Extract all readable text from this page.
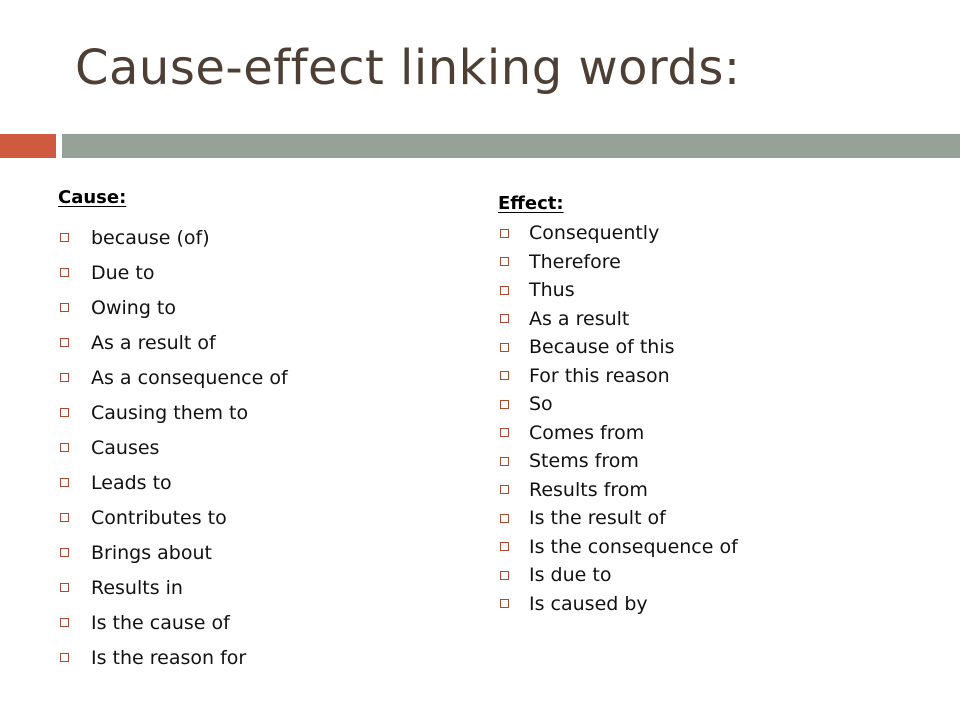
Cause-effect linking words:

Cause:

because (of)
Due to
Owing to
As a result of
As a consequence of
Causing them to
Causes
Leads to
Contributes to
Brings about
Results in
Is the cause of
Is the reason for

Effect:

Consequently
Therefore
Thus
As a result
Because of this
For this reason
So
Comes from
Stems from
Results from
Is the result of
Is the consequence of
Is due to
Is caused by
